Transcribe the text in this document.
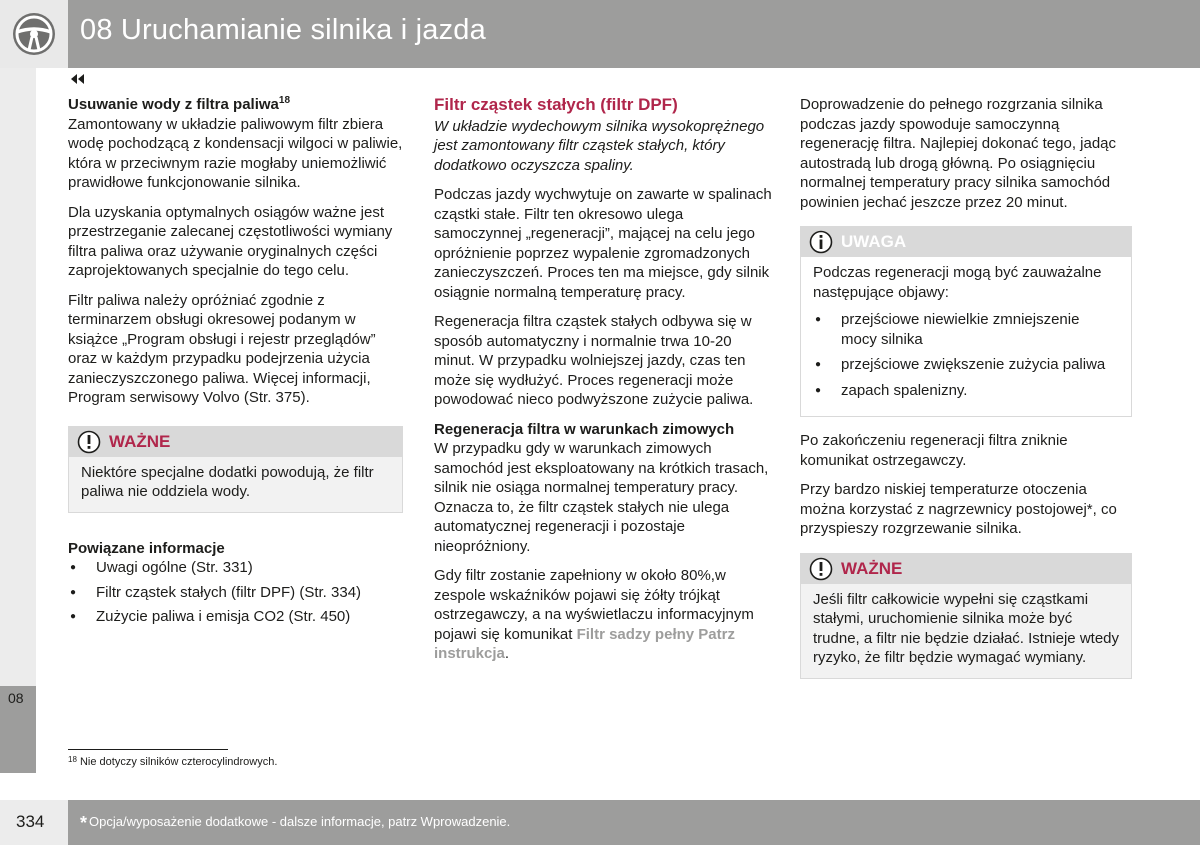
08 Uruchamianie silnika i jazda
08
Usuwanie wody z filtra paliwa$^{18}$

Zamontowany w układzie paliwowym filtr zbiera wodę pochodzącą z kondensacji wilgoci w paliwie, która w przeciwnym razie mogłaby uniemożliwić prawidłowe funkcjonowanie silnika.

Dla uzyskania optymalnych osiągów ważne jest przestrzeganie zalecanej częstotliwości wymiany filtra paliwa oraz używanie oryginalnych części zaprojektowanych specjalnie do tego celu.

Filtr paliwa należy opróżniać zgodnie z terminarzem obsługi okresowej podanym w książce „Program obsługi i rejestr przeglądów” oraz w każdym przypadku podejrzenia użycia zanieczyszczonego paliwa. Więcej informacji, Program serwisowy Volvo (Str. 375).

WAŻNE

Niektóre specjalne dodatki powodują, że filtr paliwa nie oddziela wody.

Powiązane informacje
● Uwagi ogólne (Str. 331)
● Filtr cząstek stałych (filtr DPF) (Str. 334)
● Zużycie paliwa i emisja CO2 (Str. 450)
Filtr cząstek stałych (filtr DPF)

W układzie wydechowym silnika wysokoprężnego jest zamontowany filtr cząstek stałych, który dodatkowo oczyszcza spaliny.

Podczas jazdy wychwytuje on zawarte w spalinach cząstki stałe. Filtr ten okresowo ulega samoczynnej „regeneracji”, mającej na celu jego opróżnienie poprzez wypalenie zgromadzonych zanieczyszczeń. Proces ten ma miejsce, gdy silnik osiągnie normalną temperaturę pracy.

Regeneracja filtra cząstek stałych odbywa się w sposób automatyczny i normalnie trwa 10-20 minut. W przypadku wolniejszej jazdy, czas ten może się wydłużyć. Proces regeneracji może powodować nieco podwyższone zużycie paliwa.

Regeneracja filtra w warunkach zimowych

W przypadku gdy w warunkach zimowych samochód jest eksploatowany na krótkich trasach, silnik nie osiąga normalnej temperatury pracy. Oznacza to, że filtr cząstek stałych nie ulega automatycznej regeneracji i pozostaje nieopróżniony.

Gdy filtr zostanie zapełniony w około 80%,w zespole wskaźników pojawi się żółty trójkąt ostrzegawczy, a na wyświetlaczu informacyjnym pojawi się komunikat Filtr sadzy pełny Patrz instrukcja.

Doprowadzenie do pełnego rozgrzania silnika podczas jazdy spowoduje samoczynną regenerację filtra. Najlepiej dokonać tego, jadąc autostradą lub drogą główną. Po osiągnięciu normalnej temperatury pracy silnika samochód powinien jechać jeszcze przez 20 minut.

UWAGA

Podczas regeneracji mogą być zauważalne następujące objawy:

● przejściowe niewielkie zmniejszenie mocy silnika
● przejściowe zwiększenie zużycia paliwa
● zapach spalenizny.

Po zakończeniu regeneracji filtra zniknie komunikat ostrzegawczy.

Przy bardzo niskiej temperaturze otoczenia można korzystać z nagrzewnicy postojowej*, co przyspieszy rozgrzewanie silnika.

WAŻNE

Jeśli filtr całkowicie wypełni się cząstkami stałymi, uruchomienie silnika może być trudne, a filtr nie będzie działać. Istnieje wtedy ryzyko, że filtr będzie wymagać wymiany.

$^{18}$ Nie dotyczy silników czterocylindrowych.
334 * Opcja/wyposażenie dodatkowe - dalsze informacje, patrz Wprowadzenie.
